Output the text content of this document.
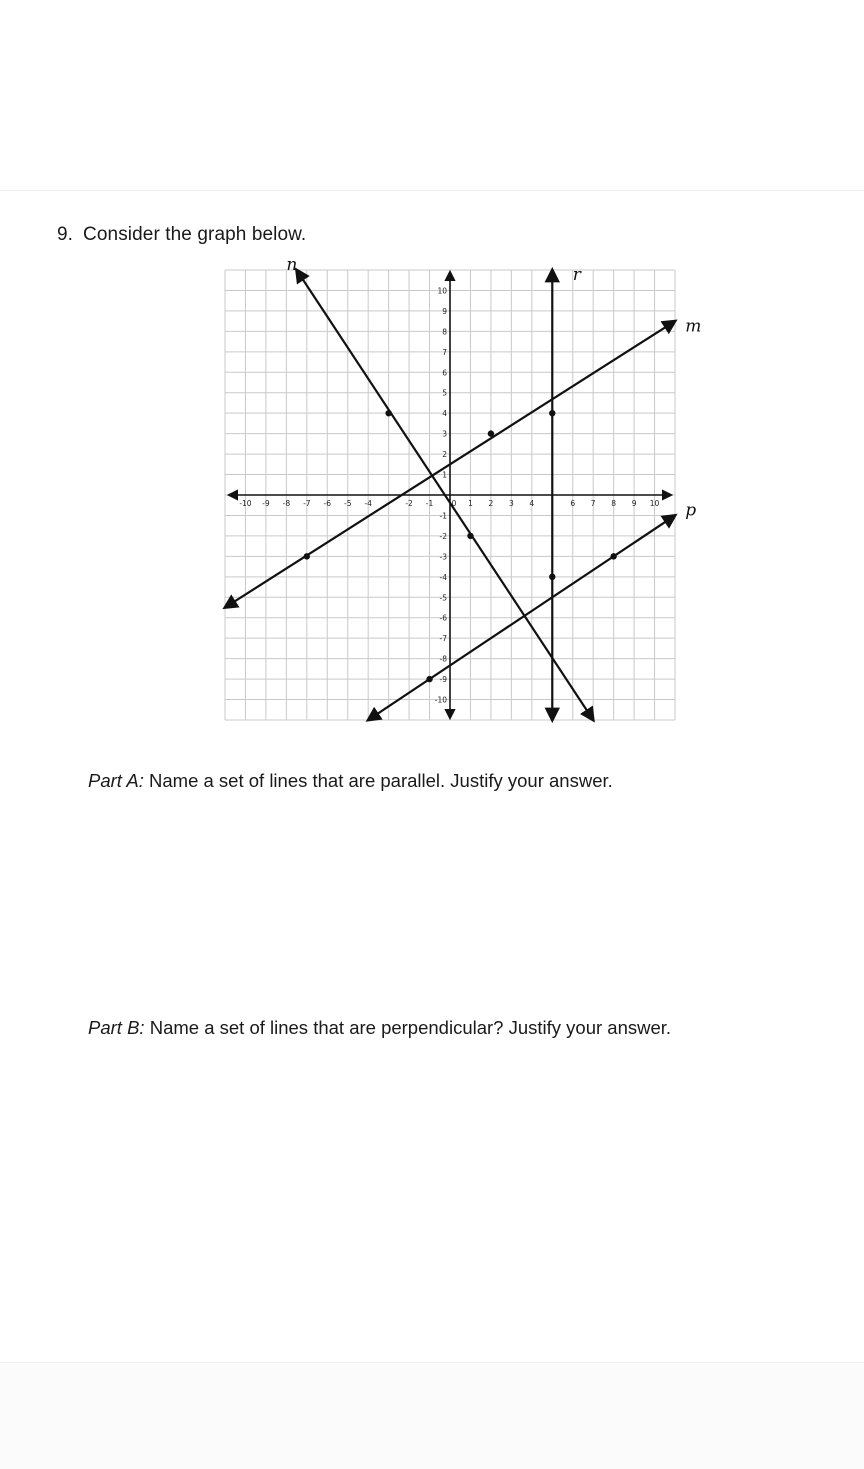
9. Consider the graph below.
-10 -9 -8 -7 -6 -5 -4	-2 -1 0 1 2 3 4	6 7 8 9 10
10
9
8
7
6
5
4
3
2
1
-1
-2
-3
-4
-5
-6
-7
-8
-9
-10
n
m
p
r
Part A: Name a set of lines that are parallel. Justify your answer.
Part B: Name a set of lines that are perpendicular? Justify your answer.
